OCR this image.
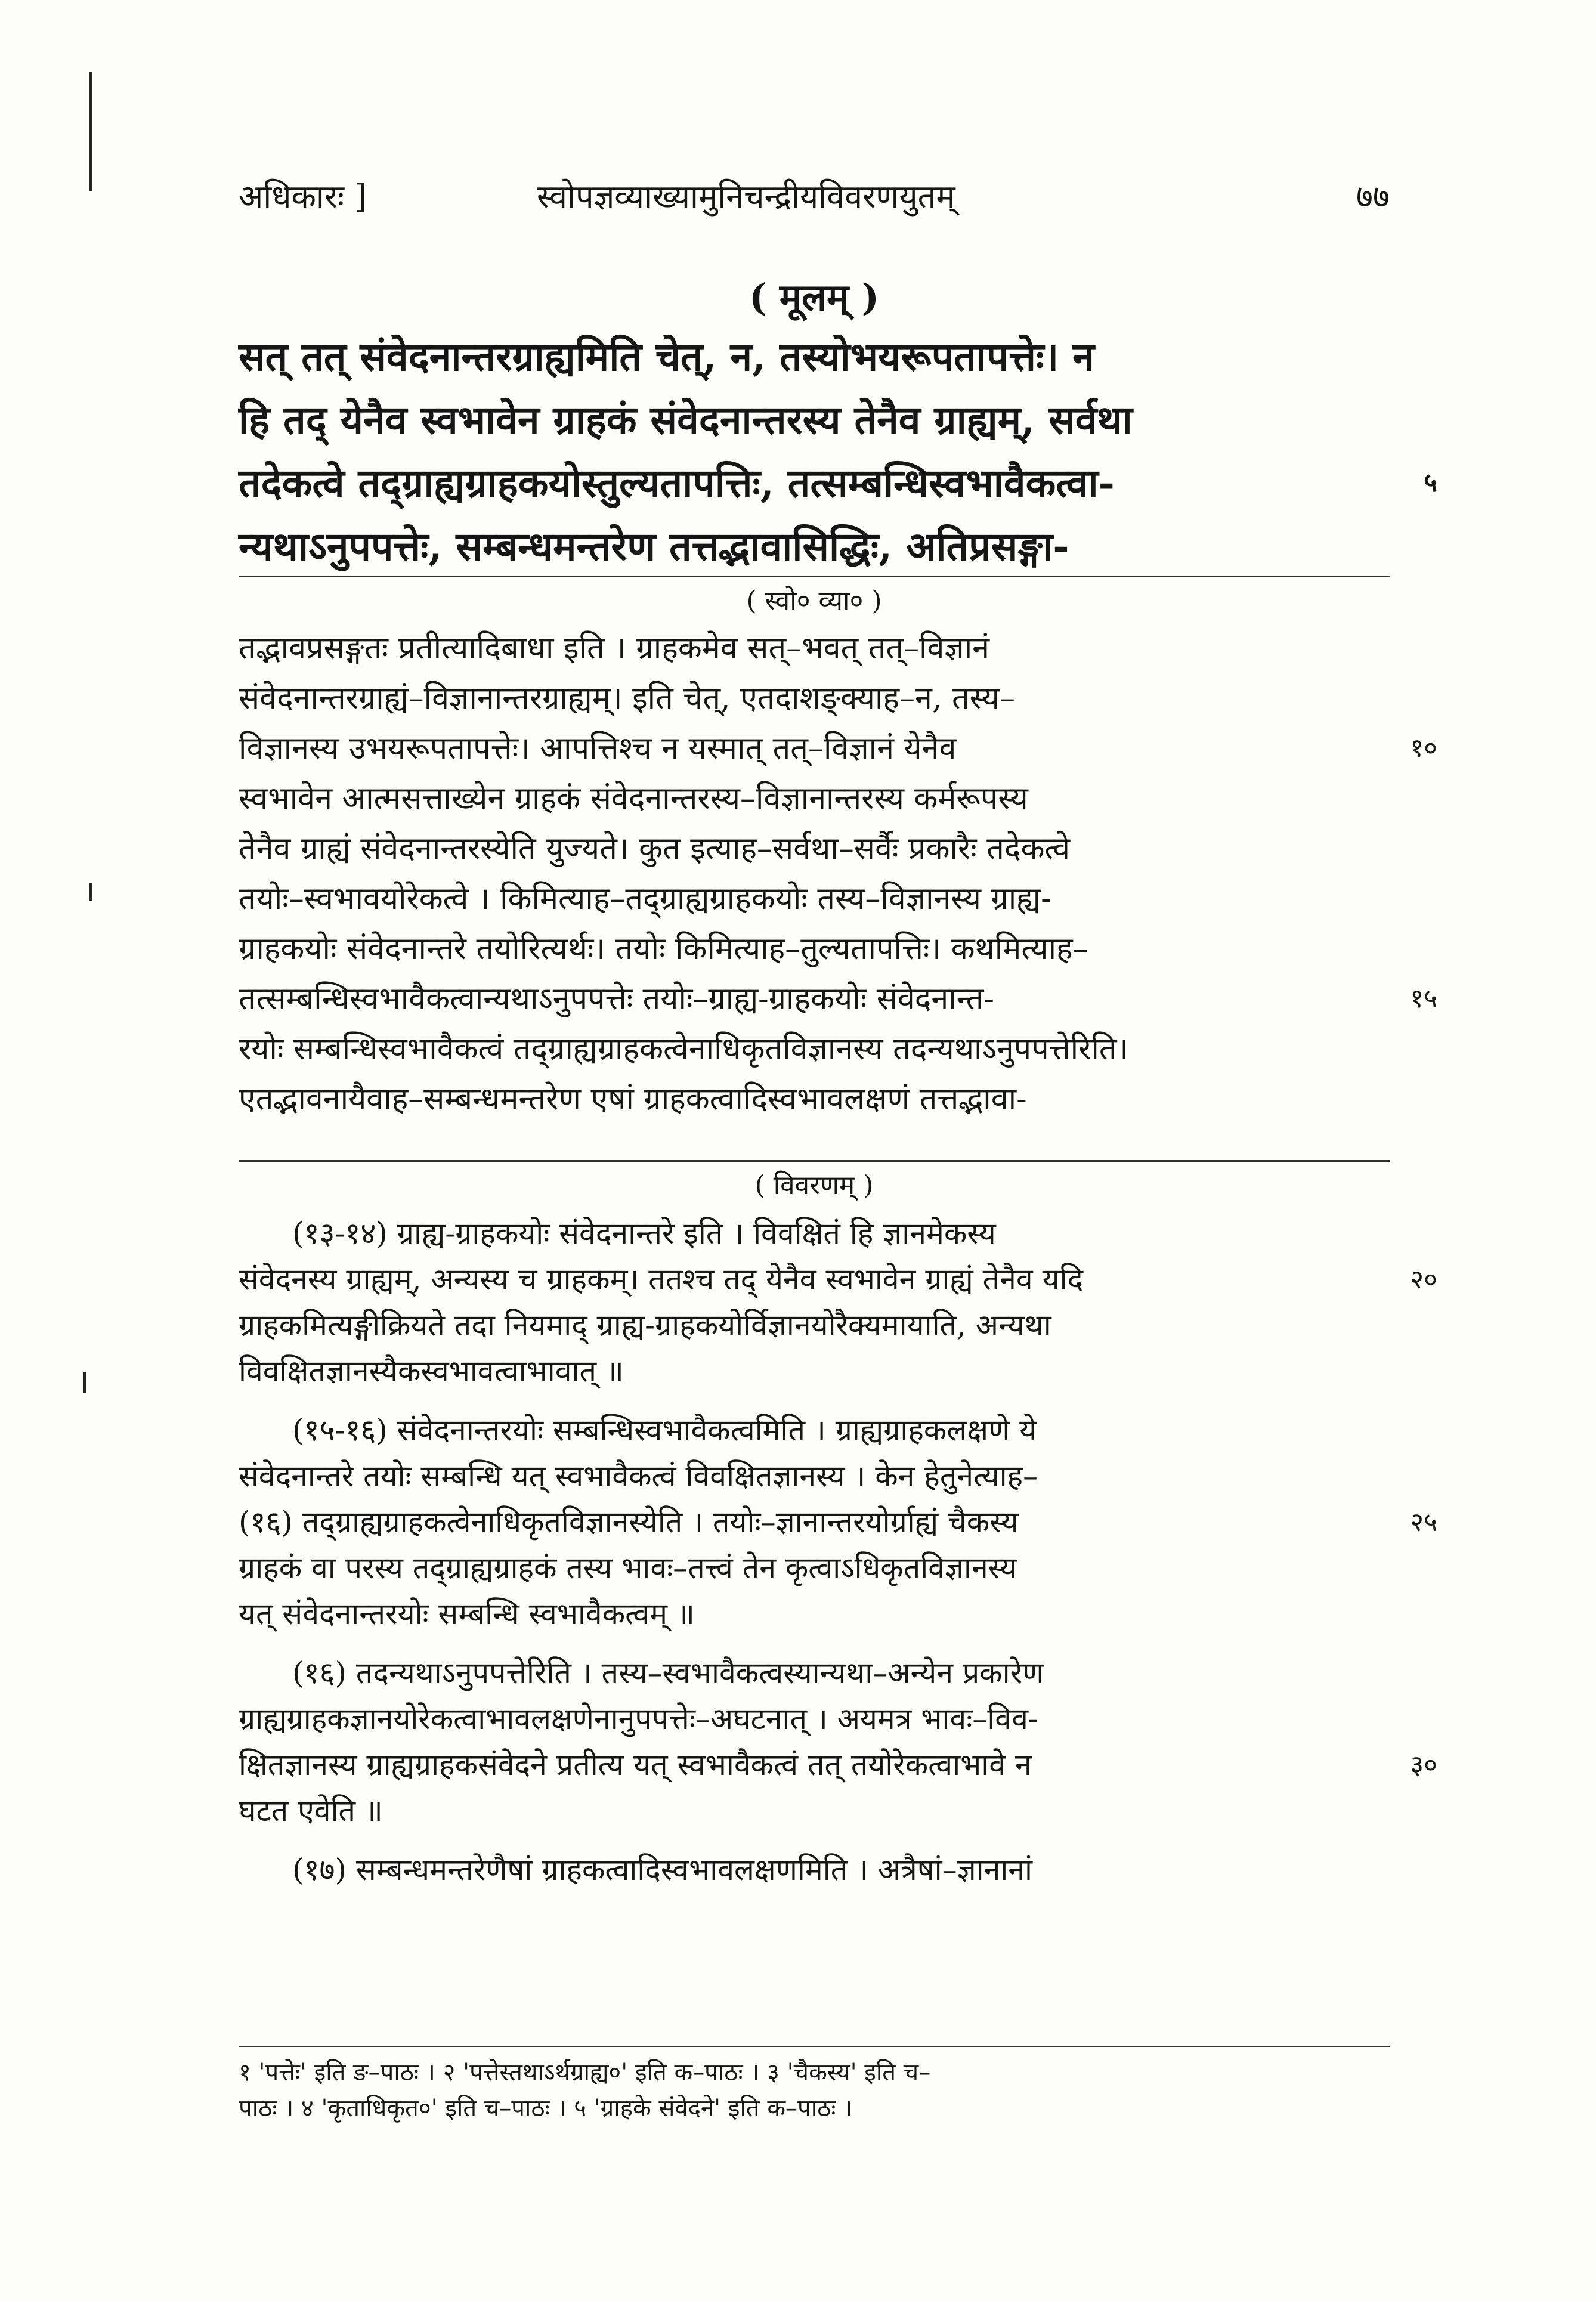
अधिकारः ]	स्वोपज्ञव्याख्यामुनिचन्द्रीयविवरणयुतम्	७७
( मूलम् )
सत् तत् संवेदनान्तरग्राह्यमिति चेत्, न, तस्योभयरूपतापत्तेः। न
हि तद् येनैव स्वभावेन ग्राहकं संवेदनान्तरस्य तेनैव ग्राह्यम्, सर्वथा
तदेकत्वे तद्ग्राह्यग्राहकयोस्तुल्यतापत्तिः, तत्सम्बन्धिस्वभावैकत्वा-	५
न्यथाऽनुपपत्तेः, सम्बन्धमन्तरेण तत्तद्भावासिद्धिः, अतिप्रसङ्गा-
( स्वो० व्या० )
तद्भावप्रसङ्गतः प्रतीत्यादिबाधा इति । ग्राहकमेव सत्–भवत् तत्–विज्ञानं
संवेदनान्तरग्राह्यं–विज्ञानान्तरग्राह्यम्। इति चेत्, एतदाशङ्क्याह–न, तस्य–
विज्ञानस्य उभयरूपतापत्तेः। आपत्तिश्च न यस्मात् तत्–विज्ञानं येनैव	१०
स्वभावेन आत्मसत्ताख्येन ग्राहकं संवेदनान्तरस्य–विज्ञानान्तरस्य कर्मरूपस्य
तेनैव ग्राह्यं संवेदनान्तरस्येति युज्यते। कुत इत्याह–सर्वथा–सर्वैः प्रकारैः तदेकत्वे
तयोः–स्वभावयोरेकत्वे । किमित्याह–तद्ग्राह्यग्राहकयोः तस्य–विज्ञानस्य ग्राह्य-
ग्राहकयोः संवेदनान्तरे तयोरित्यर्थः। तयोः किमित्याह–तुल्यतापत्तिः। कथमित्याह–
तत्सम्बन्धिस्वभावैकत्वान्यथाऽनुपपत्तेः तयोः–ग्राह्य-ग्राहकयोः संवेदनान्त-	१५
रयोः सम्बन्धिस्वभावैकत्वं तद्ग्राह्यग्राहकत्वेनाधिकृतविज्ञानस्य तदन्यथाऽनुपपत्तेरिति।
एतद्भावनायैवाह–सम्बन्धमन्तरेण एषां ग्राहकत्वादिस्वभावलक्षणं तत्तद्भावा-
( विवरणम् )
(१३-१४) ग्राह्य-ग्राहकयोः संवेदनान्तरे इति । विवक्षितं हि ज्ञानमेकस्य
संवेदनस्य ग्राह्यम्, अन्यस्य च ग्राहकम्। ततश्च तद् येनैव स्वभावेन ग्राह्यं तेनैव यदि	२०
ग्राहकमित्यङ्गीक्रियते तदा नियमाद् ग्राह्य-ग्राहकयोर्विज्ञानयोरैक्यमायाति, अन्यथा
विवक्षितज्ञानस्यैकस्वभावत्वाभावात् ॥
(१५-१६) संवेदनान्तरयोः सम्बन्धिस्वभावैकत्वमिति । ग्राह्यग्राहकलक्षणे ये
संवेदनान्तरे तयोः सम्बन्धि यत् स्वभावैकत्वं विवक्षितज्ञानस्य । केन हेतुनेत्याह–
(१६) तद्ग्राह्यग्राहकत्वेनाधिकृतविज्ञानस्येति । तयोः–ज्ञानान्तरयोर्ग्राह्यं चैकस्य	२५
ग्राहकं वा परस्य तद्ग्राह्यग्राहकं तस्य भावः–तत्त्वं तेन कृत्वाऽधिकृतविज्ञानस्य
यत् संवेदनान्तरयोः सम्बन्धि स्वभावैकत्वम् ॥
(१६) तदन्यथाऽनुपपत्तेरिति । तस्य–स्वभावैकत्वस्यान्यथा–अन्येन प्रकारेण
ग्राह्यग्राहकज्ञानयोरेकत्वाभावलक्षणेनानुपपत्तेः–अघटनात् । अयमत्र भावः–विव-
क्षितज्ञानस्य ग्राह्यग्राहकसंवेदने प्रतीत्य यत् स्वभावैकत्वं तत् तयोरेकत्वाभावे न	३०
घटत एवेति ॥
(१७) सम्बन्धमन्तरेणैषां ग्राहकत्वादिस्वभावलक्षणमिति । अत्रैषां–ज्ञानानां
१ 'पत्तेः' इति ङ–पाठः । २ 'पत्तेस्तथाऽर्थग्राह्य०' इति क–पाठः । ३ 'चैकस्य' इति च–
पाठः । ४ 'कृताधिकृत०' इति च–पाठः । ५ 'ग्राहके संवेदने' इति क–पाठः ।
